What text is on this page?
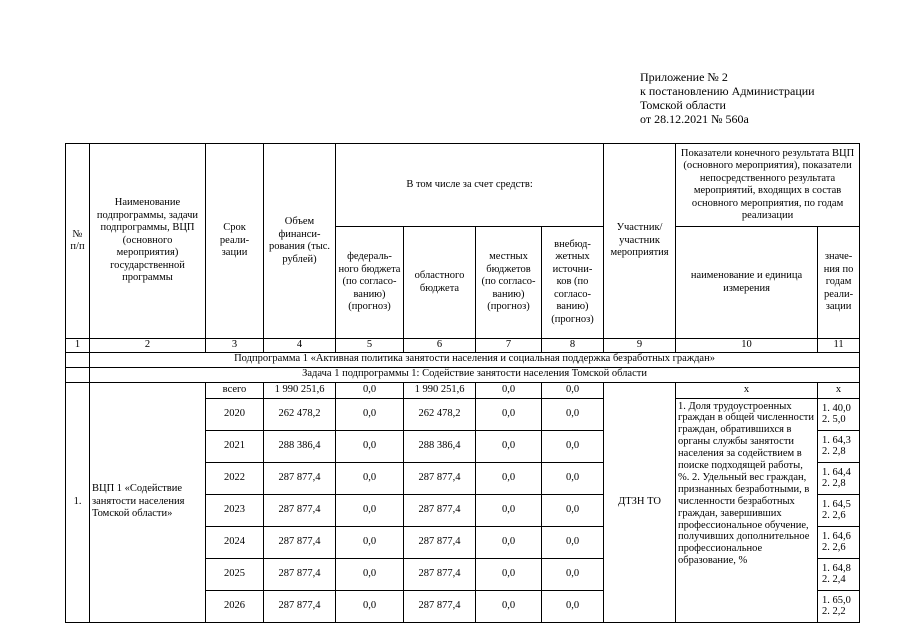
Приложение № 2
к постановлению Администрации
Томской области
от 28.12.2021 № 560а
№ п/п	Наименование подпрограммы, задачи подпрограммы, ВЦП (основного мероприятия) государственной программы	Срок реали- зации	Объем финанси- рования (тыс. рублей)	В том числе за счет средств:				Участник/ участник мероприятия	Показатели конечного результата ВЦП (основного мероприятия), показатели непосредственного результата мероприятий, входящих в состав основного мероприятия, по годам реализации	
				федераль- ного бюджета (по согласо- ванию) (прогноз)	областного бюджета	местных бюджетов (по согласо- ванию) (прогноз)	внебюд- жетных источни- ков (по согласо- ванию) (прогноз)		наименование и единица измерения	значе- ния по годам реали- зации
1	2	3	4	5	6	7	8	9	10	11
	Подпрограмма 1 «Активная политика занятости населения и социальная поддержка безработных граждан»									
	Задача 1 подпрограммы 1: Содействие занятости населения Томской области									
1.	ВЦП 1 «Содействие занятости населения Томской области»	всего	1 990 251,6	0,0	1 990 251,6	0,0	0,0	ДТЗН ТО	х	х
		2020	262 478,2	0,0	262 478,2	0,0	0,0		1. Доля трудоустроенных граждан в общей численности граждан, обратившихся в органы службы занятости населения за содействием в поиске подходящей работы, %. 2. Удельный вес граждан, признанных безработными, в численности безработных граждан, завершивших профессиональное обучение, получивших дополнительное профессиональное образование, %	1. 40,0
2. 5,0

		2021	288 386,4	0,0	288 386,4	0,0	0,0			1. 64,3
2. 2,8

		2022	287 877,4	0,0	287 877,4	0,0	0,0			1. 64,4
2. 2,8

		2023	287 877,4	0,0	287 877,4	0,0	0,0			1. 64,5
2. 2,6

		2024	287 877,4	0,0	287 877,4	0,0	0,0			1. 64,6
2. 2,6

		2025	287 877,4	0,0	287 877,4	0,0	0,0			1. 64,8
2. 2,4

		2026	287 877,4	0,0	287 877,4	0,0	0,0			1. 65,0
2. 2,2
